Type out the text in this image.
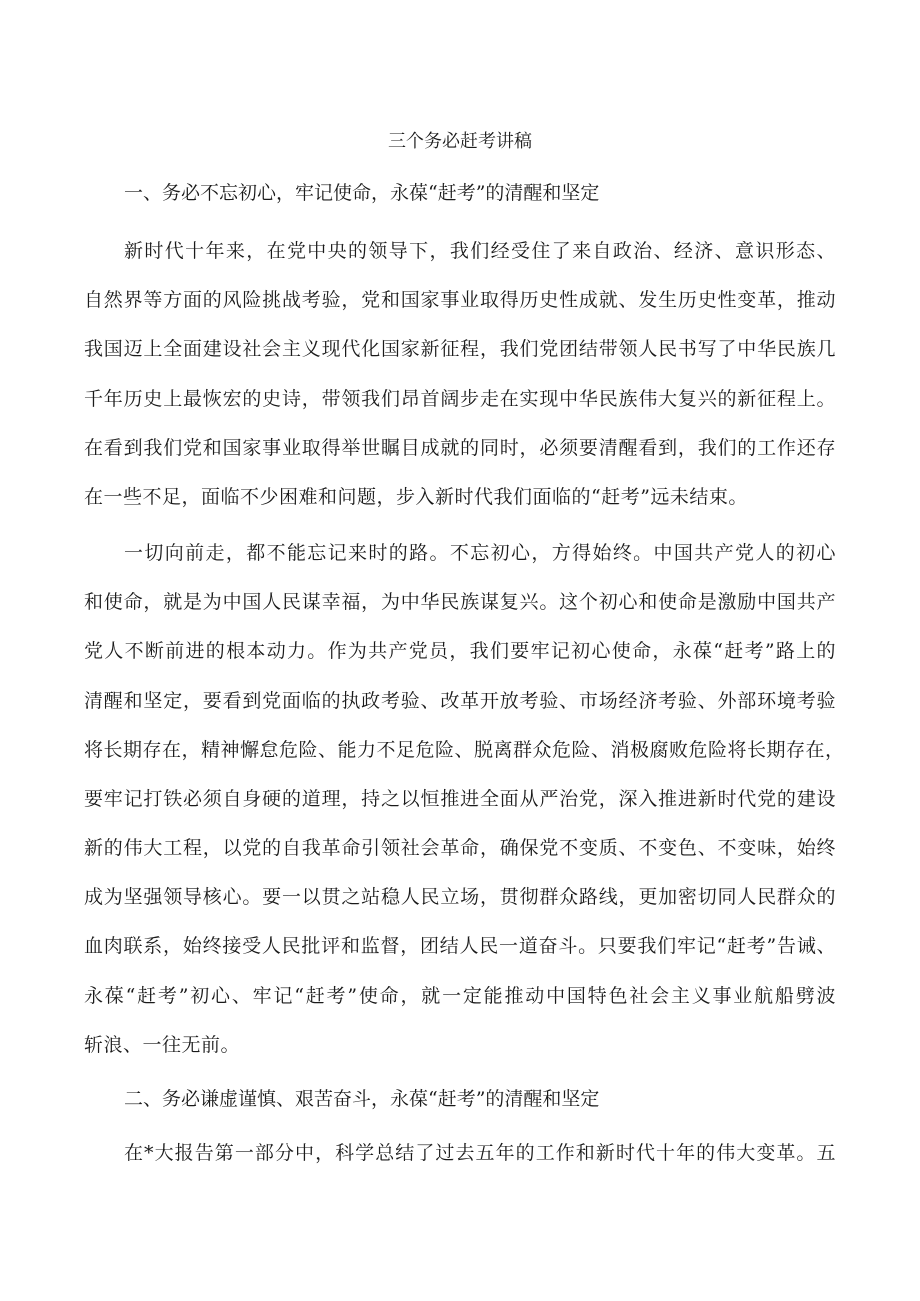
三个务必赶考讲稿
一、务必不忘初心，牢记使命，永葆“赶考”的清醒和坚定
新时代十年来，在党中央的领导下，我们经受住了来自政治、经济、意识形态、
自然界等方面的风险挑战考验，党和国家事业取得历史性成就、发生历史性变革，推动
我国迈上全面建设社会主义现代化国家新征程，我们党团结带领人民书写了中华民族几
千年历史上最恢宏的史诗，带领我们昂首阔步走在实现中华民族伟大复兴的新征程上。
在看到我们党和国家事业取得举世瞩目成就的同时，必须要清醒看到，我们的工作还存
在一些不足，面临不少困难和问题，步入新时代我们面临的“赶考”远未结束。
一切向前走，都不能忘记来时的路。不忘初心，方得始终。中国共产党人的初心
和使命，就是为中国人民谋幸福，为中华民族谋复兴。这个初心和使命是激励中国共产
党人不断前进的根本动力。作为共产党员，我们要牢记初心使命，永葆“赶考”路上的
清醒和坚定，要看到党面临的执政考验、改革开放考验、市场经济考验、外部环境考验
将长期存在，精神懈怠危险、能力不足危险、脱离群众危险、消极腐败危险将长期存在，
要牢记打铁必须自身硬的道理，持之以恒推进全面从严治党，深入推进新时代党的建设
新的伟大工程，以党的自我革命引领社会革命，确保党不变质、不变色、不变味，始终
成为坚强领导核心。要一以贯之站稳人民立场，贯彻群众路线，更加密切同人民群众的
血肉联系，始终接受人民批评和监督，团结人民一道奋斗。只要我们牢记“赶考”告诫、
永葆“赶考”初心、牢记“赶考”使命，就一定能推动中国特色社会主义事业航船劈波
斩浪、一往无前。
二、务必谦虚谨慎、艰苦奋斗，永葆“赶考”的清醒和坚定
在*大报告第一部分中，科学总结了过去五年的工作和新时代十年的伟大变革。五
